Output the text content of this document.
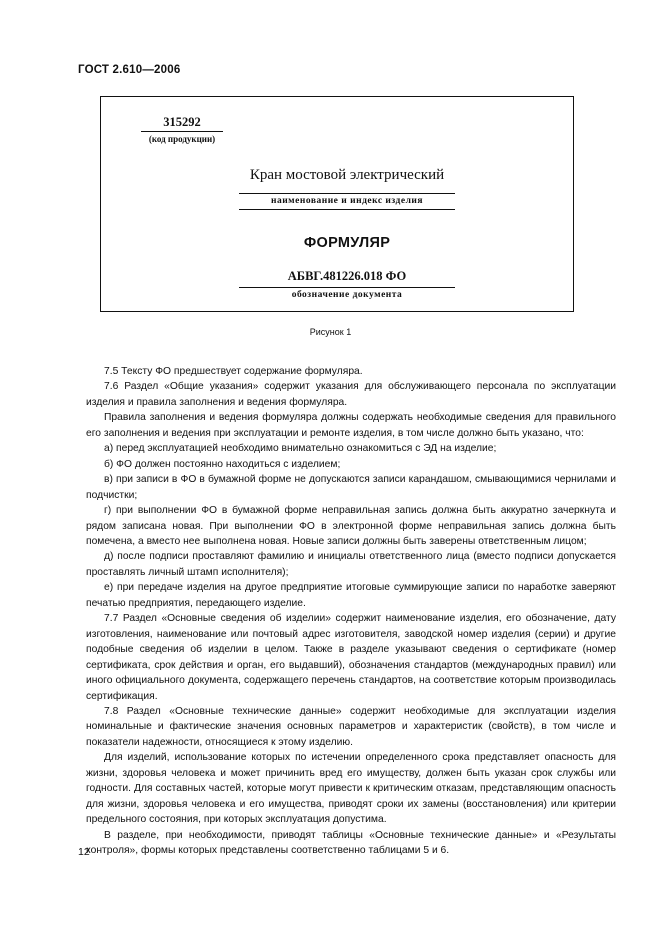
ГОСТ 2.610—2006
315292
(код продукции)
Кран мостовой электрический
наименование и индекс изделия
ФОРМУЛЯР
АБВГ.481226.018 ФО
обозначение документа
Рисунок 1

7.5 Тексту ФО предшествует содержание формуляра.

7.6 Раздел «Общие указания» содержит указания для обслуживающего персонала по эксплуатации изделия и правила заполнения и ведения формуляра.

Правила заполнения и ведения формуляра должны содержать необходимые сведения для правильного его заполнения и ведения при эксплуатации и ремонте изделия, в том числе должно быть указано, что:

а) перед эксплуатацией необходимо внимательно ознакомиться с ЭД на изделие;

б) ФО должен постоянно находиться с изделием;

в) при записи в ФО в бумажной форме не допускаются записи карандашом, смывающимися чернилами и подчистки;

г) при выполнении ФО в бумажной форме неправильная запись должна быть аккуратно зачеркнута и рядом записана новая. При выполнении ФО в электронной форме неправильная запись должна быть помечена, а вместо нее выполнена новая. Новые записи должны быть заверены ответственным лицом;

д) после подписи проставляют фамилию и инициалы ответственного лица (вместо подписи допускается проставлять личный штамп исполнителя);

е) при передаче изделия на другое предприятие итоговые суммирующие записи по наработке заверяют печатью предприятия, передающего изделие.

7.7 Раздел «Основные сведения об изделии» содержит наименование изделия, его обозначение, дату изготовления, наименование или почтовый адрес изготовителя, заводской номер изделия (серии) и другие подобные сведения об изделии в целом. Также в разделе указывают сведения о сертификате (номер сертификата, срок действия и орган, его выдавший), обозначения стандартов (международных правил) или иного официального документа, содержащего перечень стандартов, на соответствие которым производилась сертификация.

7.8 Раздел «Основные технические данные» содержит необходимые для эксплуатации изделия номинальные и фактические значения основных параметров и характеристик (свойств), в том числе и показатели надежности, относящиеся к этому изделию.

Для изделий, использование которых по истечении определенного срока представляет опасность для жизни, здоровья человека и может причинить вред его имуществу, должен быть указан срок службы или годности. Для составных частей, которые могут привести к критическим отказам, представляющим опасность для жизни, здоровья человека и его имущества, приводят сроки их замены (восстановления) или критерии предельного состояния, при которых эксплуатация допустима.

В разделе, при необходимости, приводят таблицы «Основные технические данные» и «Результаты контроля», формы которых представлены соответственно таблицами 5 и 6.

12
